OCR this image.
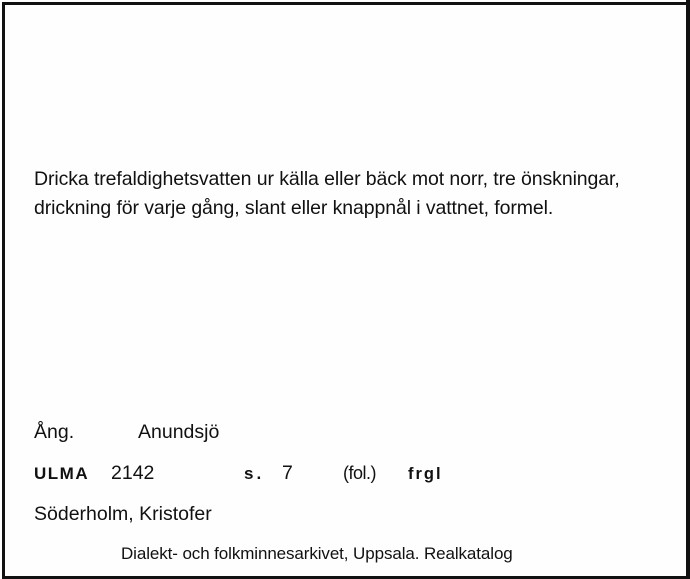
Dricka trefaldighetsvatten ur källa eller bäck mot norr, tre önskningar, drickning för varje gång, slant eller knappnål i vattnet, formel.

Ång.	Anundsjö
ULMA 2142	s. 7	(fol.) frgl
Söderholm, Kristofer
Dialekt- och folkminnesarkivet, Uppsala. Realkatalog
